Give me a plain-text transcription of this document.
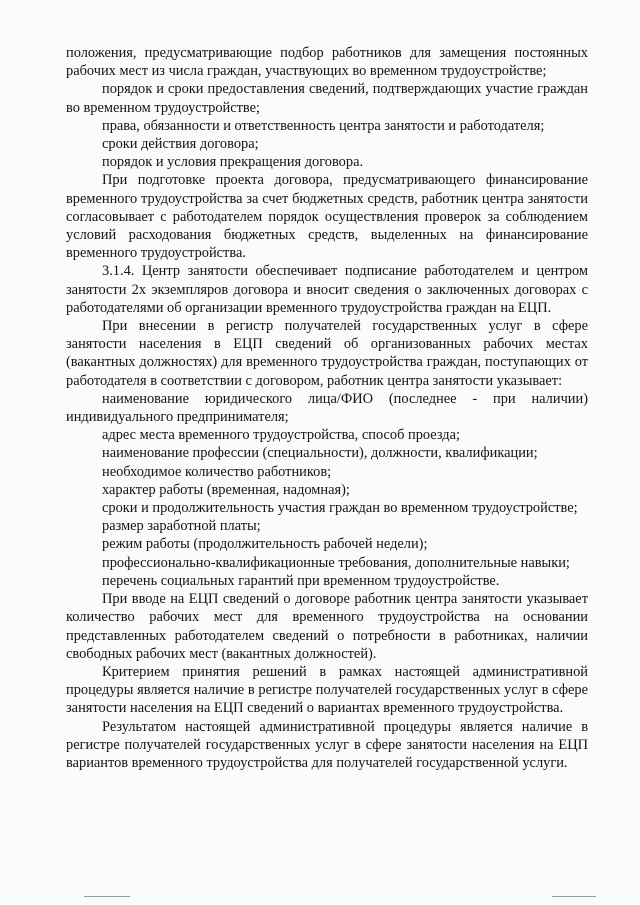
положения, предусматривающие подбор работников для замещения постоянных рабочих мест из числа граждан, участвующих во временном трудоустройстве;

порядок и сроки предоставления сведений, подтверждающих участие граждан во временном трудоустройстве;

права, обязанности и ответственность центра занятости и работодателя;

сроки действия договора;

порядок и условия прекращения договора.

При подготовке проекта договора, предусматривающего финансирование временного трудоустройства за счет бюджетных средств, работник центра занятости согласовывает с работодателем порядок осуществления проверок за соблюдением условий расходования бюджетных средств, выделенных на финансирование временного трудоустройства.

3.1.4. Центр занятости обеспечивает подписание работодателем и центром занятости 2х экземпляров договора и вносит сведения о заключенных договорах с работодателями об организации временного трудоустройства граждан на ЕЦП.

При внесении в регистр получателей государственных услуг в сфере занятости населения в ЕЦП сведений об организованных рабочих местах (вакантных должностях) для временного трудоустройства граждан, поступающих от работодателя в соответствии с договором, работник центра занятости указывает:

наименование юридического лица/ФИО (последнее - при наличии) индивидуального предпринимателя;

адрес места временного трудоустройства, способ проезда;

наименование профессии (специальности), должности, квалификации;

необходимое количество работников;

характер работы (временная, надомная);

сроки и продолжительность участия граждан во временном трудоустройстве;

размер заработной платы;

режим работы (продолжительность рабочей недели);

профессионально-квалификационные требования, дополнительные навыки;

перечень социальных гарантий при временном трудоустройстве.

При вводе на ЕЦП сведений о договоре работник центра занятости указывает количество рабочих мест для временного трудоустройства на основании представленных работодателем сведений о потребности в работниках, наличии свободных рабочих мест (вакантных должностей).

Критерием принятия решений в рамках настоящей административной процедуры является наличие в регистре получателей государственных услуг в сфере занятости населения на ЕЦП сведений о вариантах временного трудоустройства.

Результатом настоящей административной процедуры является наличие в регистре получателей государственных услуг в сфере занятости населения на ЕЦП вариантов временного трудоустройства для получателей государственной услуги.
